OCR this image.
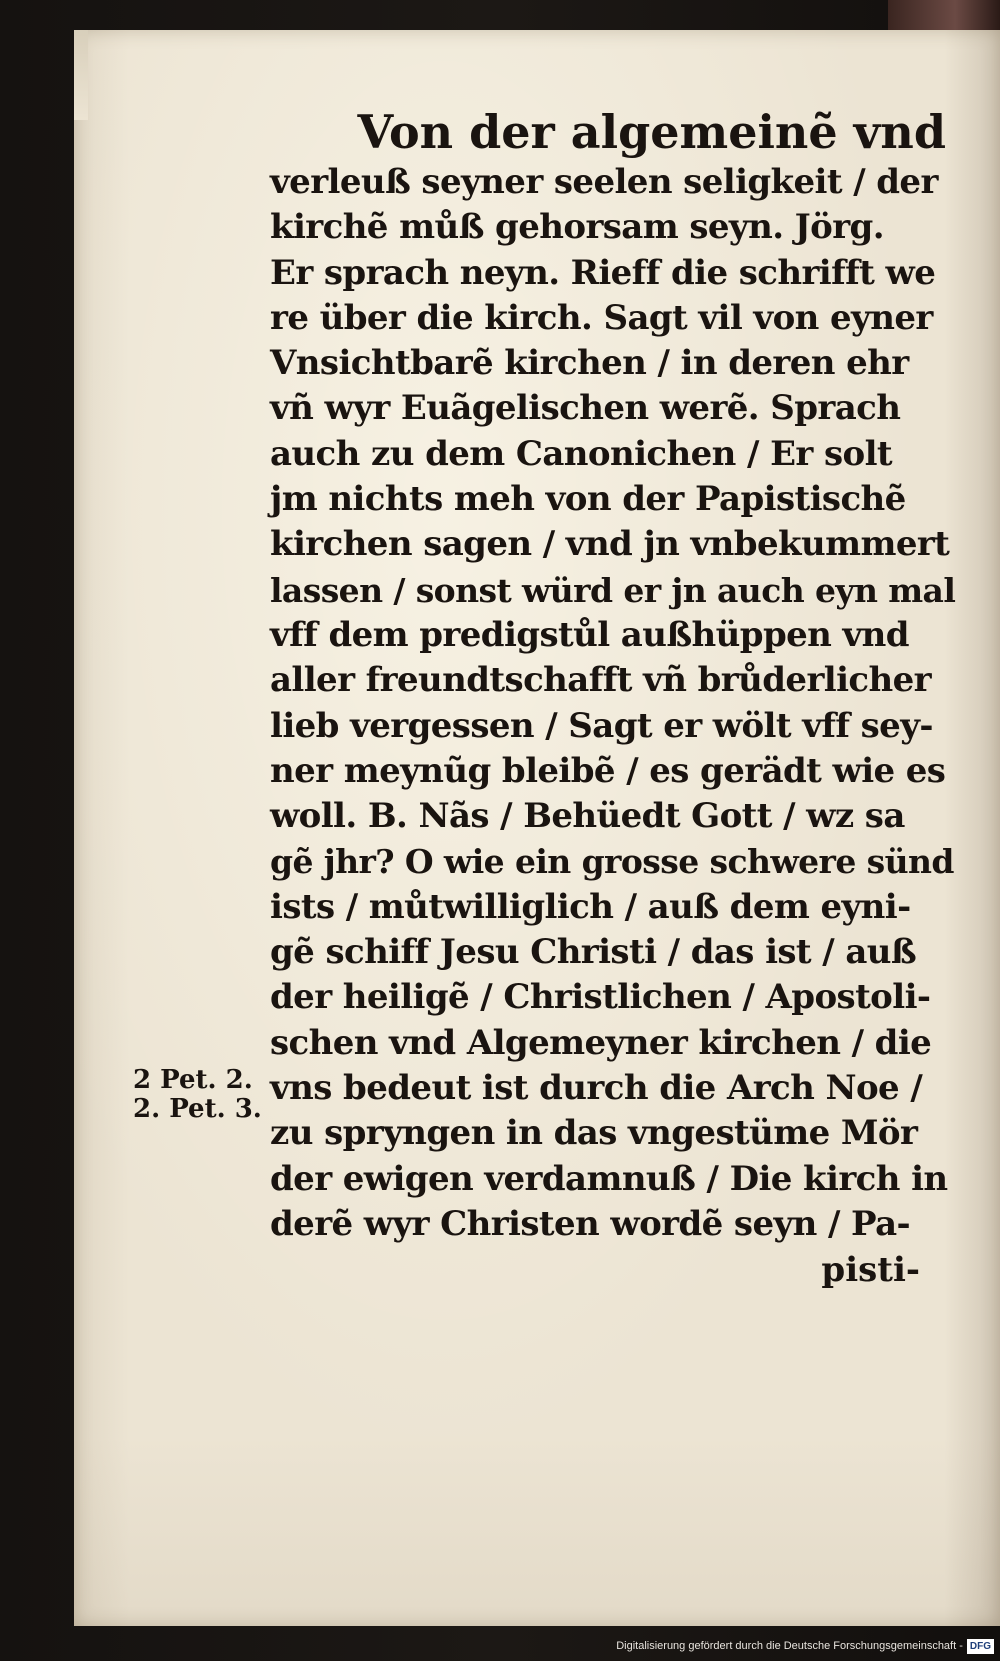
Von der algemeinẽ vnd
verleuß seyner seelen seligkeit / der
kirchẽ můß gehorsam seyn. Jörg.
Er sprach neyn. Rieff die schrifft we
re über die kirch. Sagt vil von eyner
Vnsichtbarẽ kirchen / in deren ehr
vñ wyr Euãgelischen werẽ. Sprach
auch zu dem Canonichen / Er solt
jm nichts meh von der Papistischẽ
kirchen sagen / vnd jn vnbekummert
lassen / sonst würd er jn auch eyn mal
vff dem predigstůl außhüppen vnd
aller freundtschafft vñ brůderlicher
lieb vergessen / Sagt er wölt vff sey-
ner meynũg bleibẽ / es gerädt wie es
woll. B. Nãs / Behüedt Gott / wz sa
gẽ jhr? O wie ein grosse schwere sünd
ists / můtwilliglich / auß dem eyni-
gẽ schiff Jesu Christi / das ist / auß
der heiligẽ / Christlichen / Apostoli-
schen vnd Algemeyner kirchen / die
vns bedeut ist durch die Arch Noe /
zu spryngen in das vngestüme Mör
der ewigen verdamnuß / Die kirch in
derẽ wyr Christen wordẽ seyn / Pa-
pisti-
2 Pet. 2.
2. Pet. 3.
Digitalisierung gefördert durch die Deutsche Forschungsgemeinschaft - DFG
